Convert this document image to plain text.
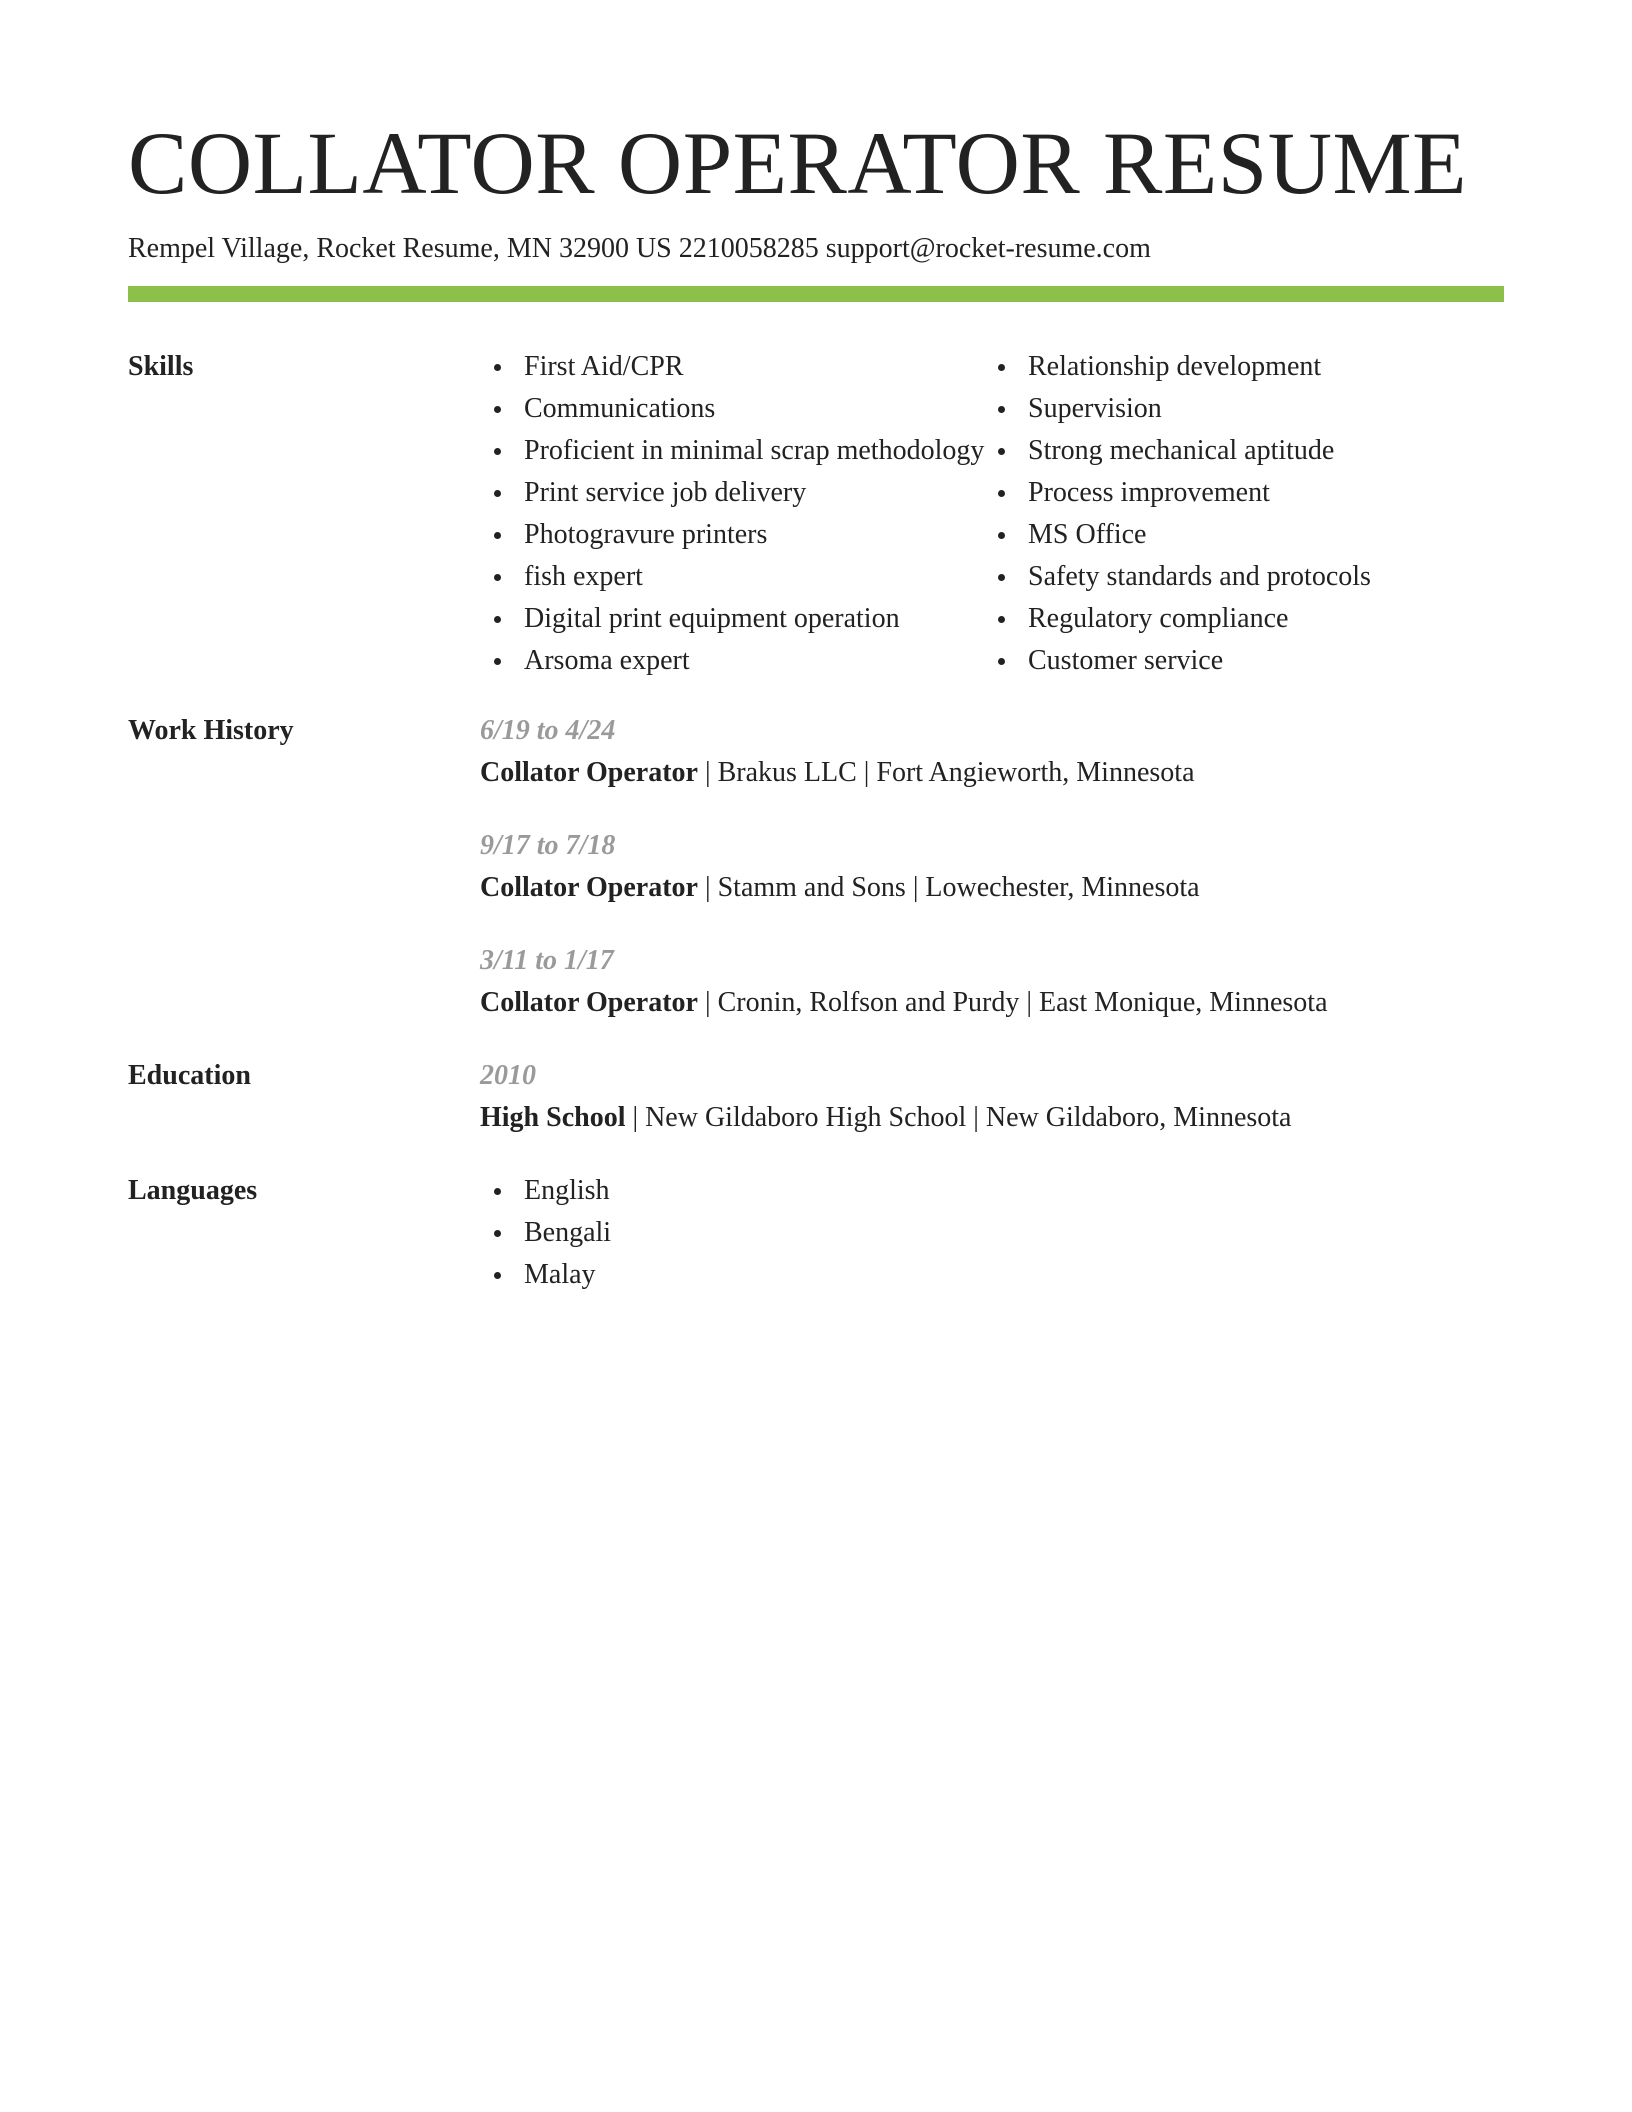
COLLATOR OPERATOR RESUME
Rempel Village, Rocket Resume, MN 32900 US 2210058285 support@rocket-resume.com
Skills	First Aid/CPR
Communications
Proficient in minimal scrap methodology
Print service job delivery
Photogravure printers
fish expert
Digital print equipment operation
Arsoma expert
Relationship development
Supervision
Strong mechanical aptitude
Process improvement
MS Office
Safety standards and protocols
Regulatory compliance
Customer service
Work History	6/19 to 4/24
Collator Operator | Brakus LLC | Fort Angieworth, Minnesota
9/17 to 7/18
Collator Operator | Stamm and Sons | Lowechester, Minnesota
3/11 to 1/17
Collator Operator | Cronin, Rolfson and Purdy | East Monique, Minnesota
Education	2010
High School | New Gildaboro High School | New Gildaboro, Minnesota
Languages	English
Bengali
Malay
